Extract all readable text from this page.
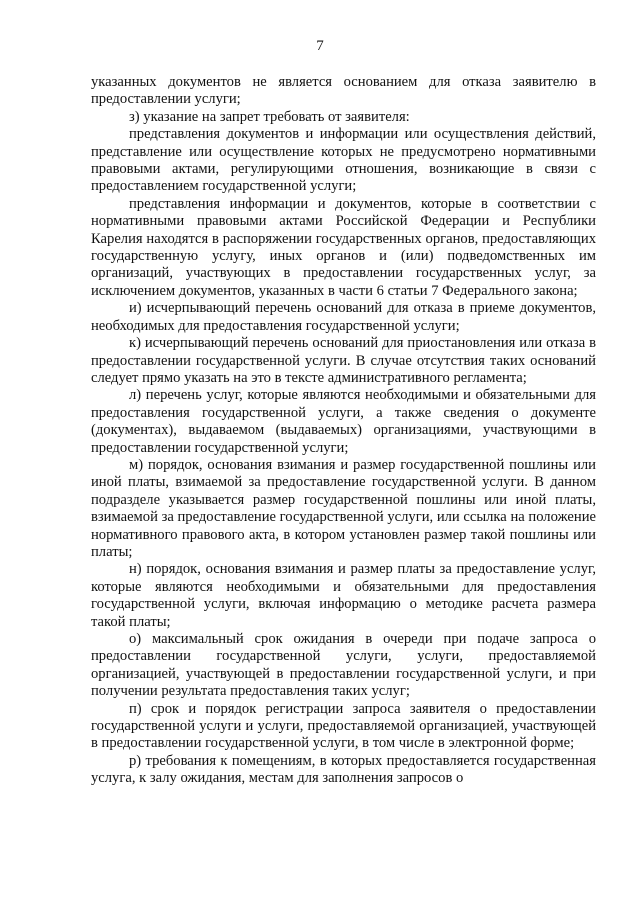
7

указанных документов не является основанием для отказа заявителю в предоставлении услуги;

з) указание на запрет требовать от заявителя:

представления документов и информации или осуществления действий, представление или осуществление которых не предусмотрено нормативными правовыми актами, регулирующими отношения, возникающие в связи с предоставлением государственной услуги;

представления информации и документов, которые в соответствии с нормативными правовыми актами Российской Федерации и Республики Карелия находятся в распоряжении государственных органов, предоставляющих государственную услугу, иных органов и (или) подведомственных им организаций, участвующих в предоставлении государственных услуг, за исключением документов, указанных в части 6 статьи 7 Федерального закона;

и) исчерпывающий перечень оснований для отказа в приеме документов, необходимых для предоставления государственной услуги;

к) исчерпывающий перечень оснований для приостановления или отказа в предоставлении государственной услуги. В случае отсутствия таких оснований следует прямо указать на это в тексте административного регламента;

л) перечень услуг, которые являются необходимыми и обязательными для предоставления государственной услуги, а также сведения о документе (документах), выдаваемом (выдаваемых) организациями, участвующими в предоставлении государственной услуги;

м) порядок, основания взимания и размер государственной пошлины или иной платы, взимаемой за предоставление государственной услуги. В данном подразделе указывается размер государственной пошлины или иной платы, взимаемой за предоставление государственной услуги, или ссылка на положение нормативного правового акта, в котором установлен размер такой пошлины или платы;

н) порядок, основания взимания и размер платы за предоставление услуг, которые являются необходимыми и обязательными для предоставления государственной услуги, включая информацию о методике расчета размера такой платы;

о) максимальный срок ожидания в очереди при подаче запроса о предоставлении государственной услуги, услуги, предоставляемой организацией, участвующей в предоставлении государственной услуги, и при получении результата предоставления таких услуг;

п) срок и порядок регистрации запроса заявителя о предоставлении государственной услуги и услуги, предоставляемой организацией, участвующей в предоставлении государственной услуги, в том числе в электронной форме;

р) требования к помещениям, в которых предоставляется государственная услуга, к залу ожидания, местам для заполнения запросов о
